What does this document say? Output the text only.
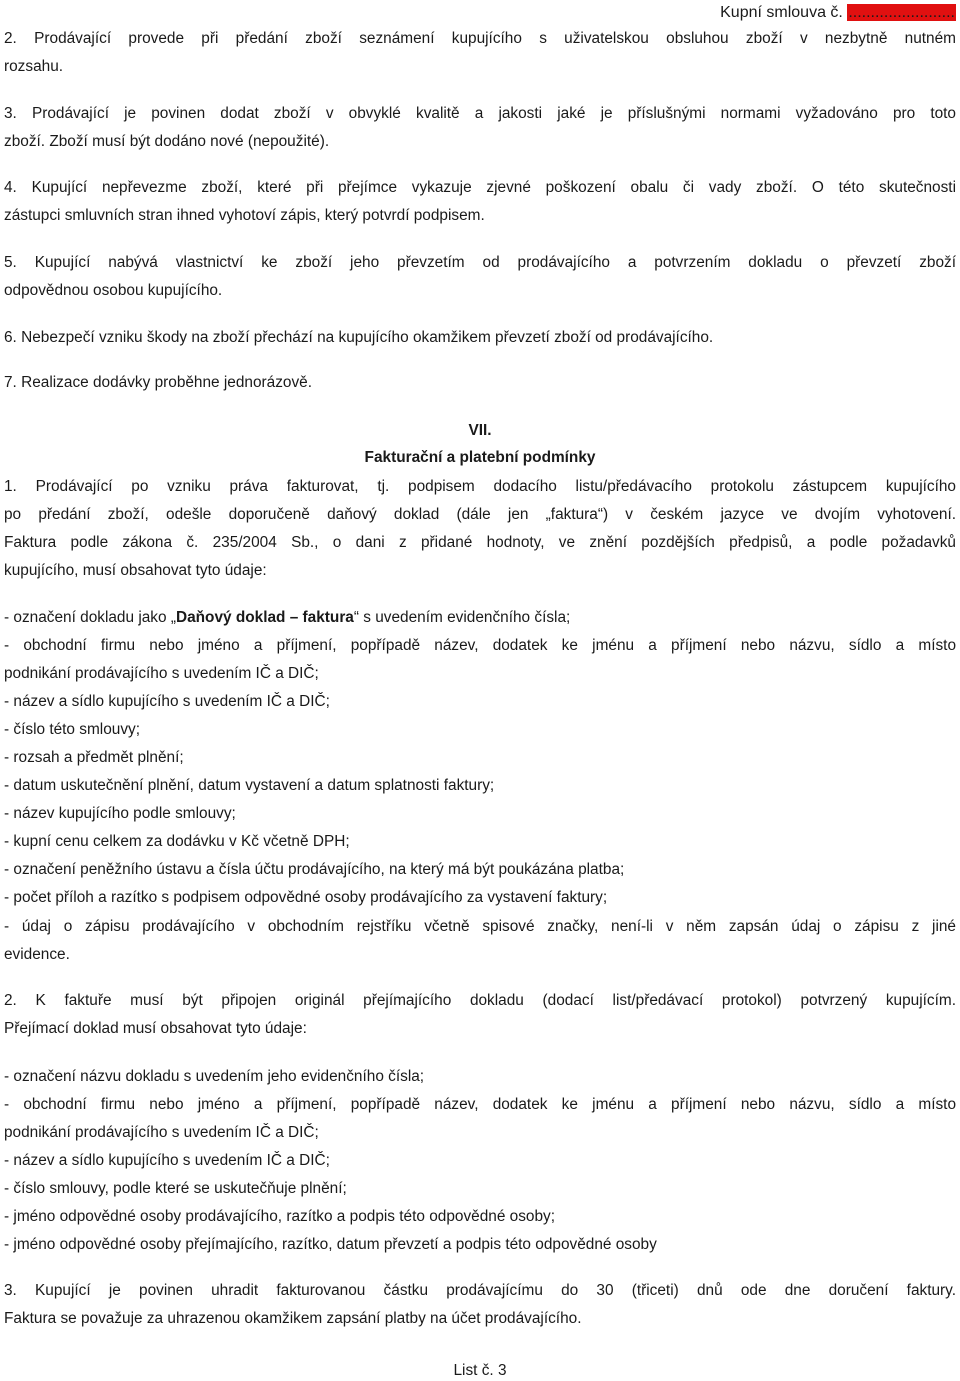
Kupní smlouva č. ........................
2. Prodávající provede při předání zboží seznámení kupujícího s uživatelskou obsluhou zboží v nezbytně nutném
rozsahu.
3. Prodávající je povinen dodat zboží v obvyklé kvalitě a jakosti jaké je příslušnými normami vyžadováno pro toto
zboží. Zboží musí být dodáno nové (nepoužité).
4. Kupující nepřevezme zboží, které při přejímce vykazuje zjevné poškození obalu či vady zboží. O této skutečnosti
zástupci smluvních stran ihned vyhotoví zápis, který potvrdí podpisem.
5. Kupující nabývá vlastnictví ke zboží jeho převzetím od prodávajícího a potvrzením dokladu o převzetí zboží
odpovědnou osobou kupujícího.
6. Nebezpečí vzniku škody na zboží přechází na kupujícího okamžikem převzetí zboží od prodávajícího.
7. Realizace dodávky proběhne jednorázově.
VII.
Fakturační a platební podmínky
1. Prodávající po vzniku práva fakturovat, tj. podpisem dodacího listu/předávacího protokolu zástupcem kupujícího
po předání zboží, odešle doporučeně daňový doklad (dále jen „faktura“) v českém jazyce ve dvojím vyhotovení.
Faktura podle zákona č. 235/2004 Sb., o dani z přidané hodnoty, ve znění pozdějších předpisů, a podle požadavků
kupujícího, musí obsahovat tyto údaje:
- označení dokladu jako „Daňový doklad – faktura“ s uvedením evidenčního čísla;
- obchodní firmu nebo jméno a příjmení, popřípadě název, dodatek ke jménu a příjmení nebo názvu, sídlo a místo
podnikání prodávajícího s uvedením IČ a DIČ;
- název a sídlo kupujícího s uvedením IČ a DIČ;
- číslo této smlouvy;
- rozsah a předmět plnění;
- datum uskutečnění plnění, datum vystavení a datum splatnosti faktury;
- název kupujícího podle smlouvy;
- kupní cenu celkem za dodávku v Kč včetně DPH;
- označení peněžního ústavu a čísla účtu prodávajícího, na který má být poukázána platba;
- počet příloh a razítko s podpisem odpovědné osoby prodávajícího za vystavení faktury;
- údaj o zápisu prodávajícího v obchodním rejstříku včetně spisové značky, není-li v něm zapsán údaj o zápisu z jiné
evidence.
2. K faktuře musí být připojen originál přejímajícího dokladu (dodací list/předávací protokol) potvrzený kupujícím.
Přejímací doklad musí obsahovat tyto údaje:
- označení názvu dokladu s uvedením jeho evidenčního čísla;
- obchodní firmu nebo jméno a příjmení, popřípadě název, dodatek ke jménu a příjmení nebo názvu, sídlo a místo
podnikání prodávajícího s uvedením IČ a DIČ;
- název a sídlo kupujícího s uvedením IČ a DIČ;
- číslo smlouvy, podle které se uskutečňuje plnění;
- jméno odpovědné osoby prodávajícího, razítko a podpis této odpovědné osoby;
- jméno odpovědné osoby přejímajícího, razítko, datum převzetí a podpis této odpovědné osoby
3. Kupující je povinen uhradit fakturovanou částku prodávajícímu do 30 (třiceti) dnů ode dne doručení faktury.
Faktura se považuje za uhrazenou okamžikem zapsání platby na účet prodávajícího.
List č. 3
